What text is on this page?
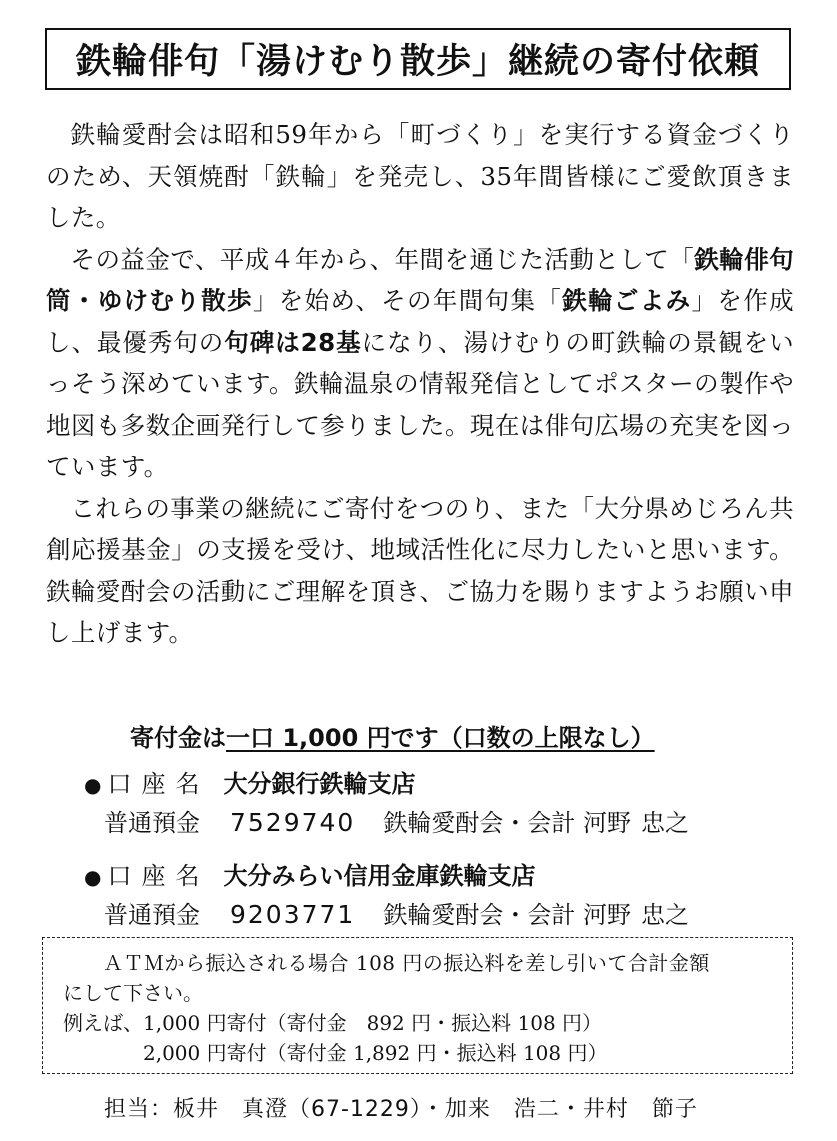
鉄輪俳句「湯けむり散歩」継続の寄付依頼

鉄輪愛酎会は昭和59年から「町づくり」を実行する資金づくりのため、天領焼酎「鉄輪」を発売し、35年間皆様にご愛飲頂きました。

その益金で、平成４年から、年間を通じた活動として「鉄輪俳句筒・ゆけむり散歩」を始め、その年間句集「鉄輪ごよみ」を作成し、最優秀句の句碑は28基になり、湯けむりの町鉄輪の景観をいっそう深めています。鉄輪温泉の情報発信としてポスターの製作や地図も多数企画発行して参りました。現在は俳句広場の充実を図っています。

これらの事業の継続にご寄付をつのり、また「大分県めじろん共創応援基金」の支援を受け、地域活性化に尽力したいと思います。鉄輪愛酎会の活動にご理解を頂き、ご協力を賜りますようお願い申し上げます。

寄付金は一口 1,000 円です（口数の上限なし）
● 口座名 大分銀行鉄輪支店
普通預金 7529740 鉄輪愛酎会・会計 河野 忠之
● 口座名 大分みらい信用金庫鉄輪支店
普通預金 9203771 鉄輪愛酎会・会計 河野 忠之
ＡＴＭから振込される場合 108 円の振込料を差し引いて合計金額
にして下さい。
例えば、1,000 円寄付（寄付金　892 円・振込料 108 円）
　　　　2,000 円寄付（寄付金 1,892 円・振込料 108 円）
担当：板井　真澄（67-1229）・加来　浩二・井村　節子
